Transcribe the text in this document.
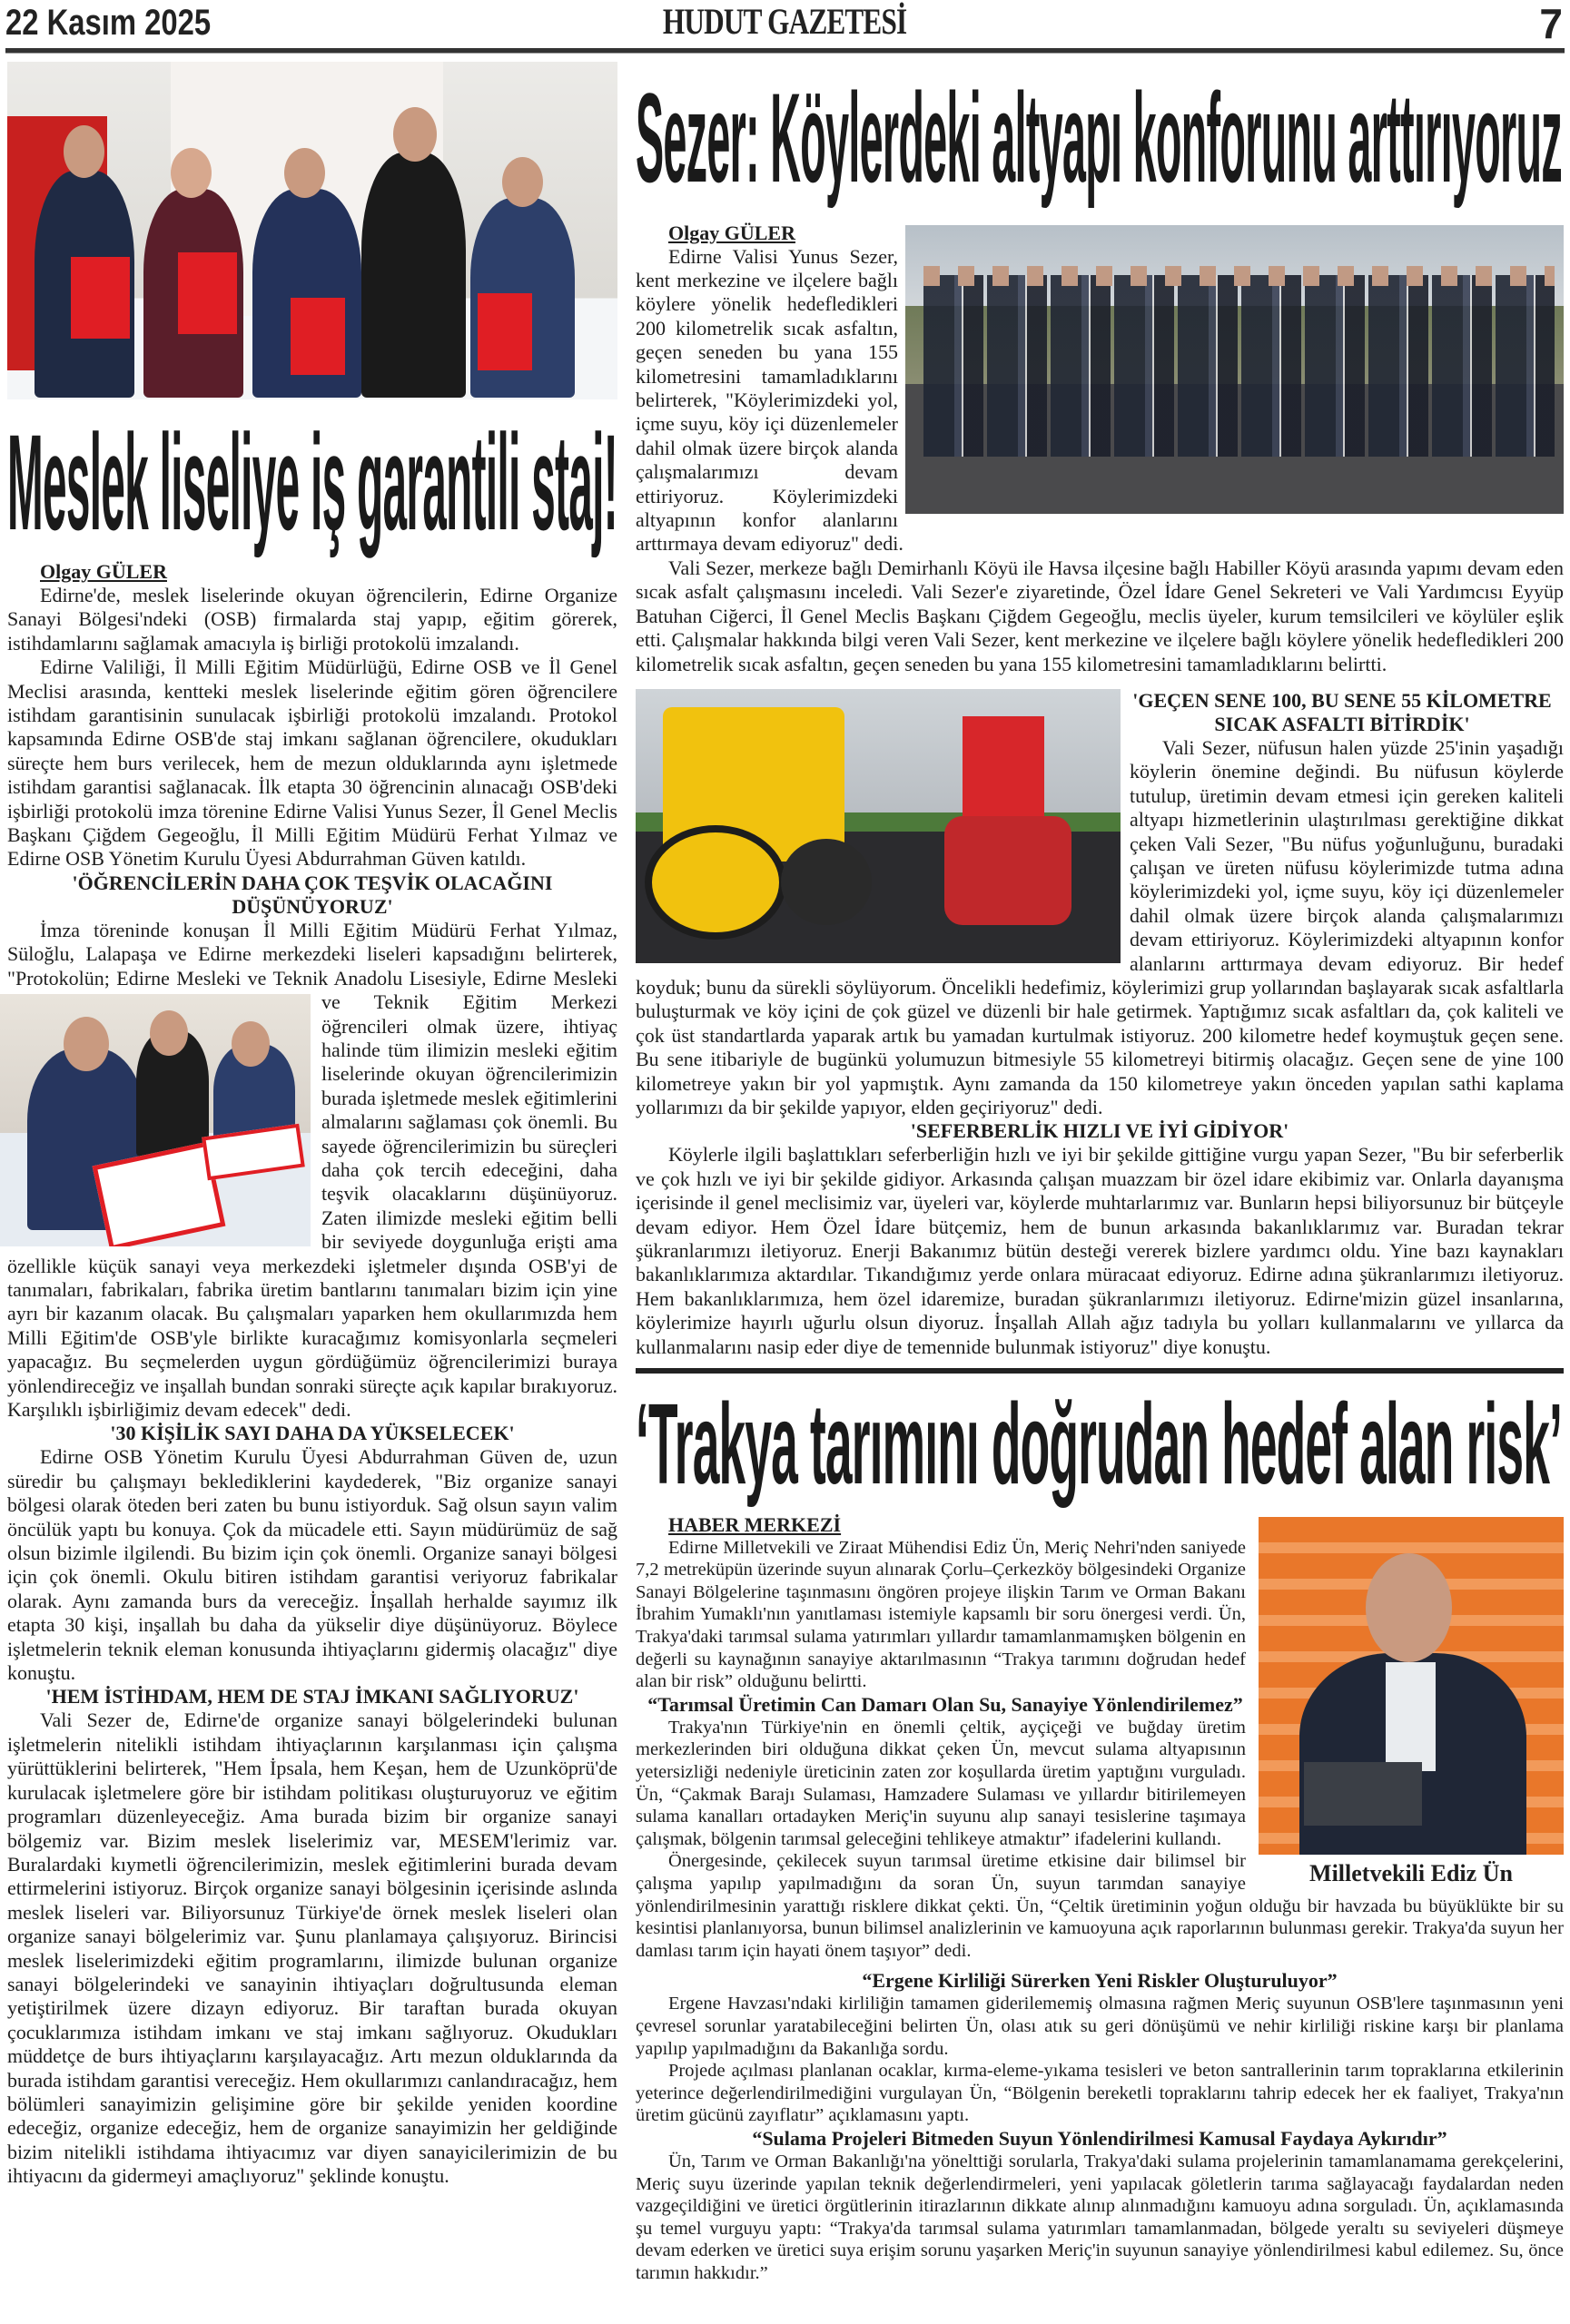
22 Kasım 2025	HUDUT GAZETESİ	7
Meslek liseliye iş garantili staj!
Olgay GÜLER

Edirne'de, meslek liselerinde okuyan öğrencilerin, Edirne Organize Sanayi Bölgesi'ndeki (OSB) firmalarda staj yapıp, eğitim görerek, istihdamlarını sağlamak amacıyla iş birliği protokolü imzalandı.

Edirne Valiliği, İl Milli Eğitim Müdürlüğü, Edirne OSB ve İl Genel Meclisi arasında, kentteki meslek liselerinde eğitim gören öğrencilere istihdam garantisinin sunulacak işbirliği protokolü imzalandı. Protokol kapsamında Edirne OSB'de staj imkanı sağlanan öğrencilere, okudukları süreçte hem burs verilecek, hem de mezun olduklarında aynı işletmede istihdam garantisi sağlanacak. İlk etapta 30 öğrencinin alınacağı OSB'deki işbirliği protokolü imza törenine Edirne Valisi Yunus Sezer, İl Genel Meclis Başkanı Çiğdem Gegeoğlu, İl Milli Eğitim Müdürü Ferhat Yılmaz ve Edirne OSB Yönetim Kurulu Üyesi Abdurrahman Güven katıldı.

'ÖĞRENCİLERİN DAHA ÇOK TEŞVİK OLACAĞINI DÜŞÜNÜYORUZ'

İmza töreninde konuşan İl Milli Eğitim Müdürü Ferhat Yılmaz, Süloğlu, Lalapaşa ve Edirne merkezdeki liseleri kapsadığını belirterek, "Protokolün; Edirne Mesleki ve Teknik Anadolu Lisesiyle, Edirne
Mesleki ve Teknik Eğitim Merkezi öğrencileri olmak üzere, ihtiyaç halinde tüm ilimizin mesleki eğitim liselerinde okuyan öğrencilerimizin burada işletmede meslek eğitimlerini almalarını sağlaması çok önemli. Bu sayede öğrencilerimizin bu süreçleri daha çok tercih edeceğini, daha teşvik olacaklarını düşünüyoruz. Zaten ilimizde mesleki eğitim belli bir seviyede doygunluğa erişti ama özellikle küçük sanayi veya merkezdeki işletmeler dışında OSB'yi de tanımaları, fabrikaları, fabrika üretim bantlarını tanımaları bizim için yine ayrı bir kazanım olacak. Bu çalışmaları yaparken hem okullarımızda hem Milli Eğitim'de OSB'yle birlikte kuracağımız komisyonlarla seçmeleri yapacağız. Bu seçmelerden uygun gördüğümüz öğrencilerimizi buraya yönlendireceğiz ve inşallah bundan sonraki süreçte açık kapılar bırakıyoruz. Karşılıklı işbirliğimiz devam edecek" dedi.

'30 KİŞİLİK SAYI DAHA DA YÜKSELECEK'

Edirne OSB Yönetim Kurulu Üyesi Abdurrahman Güven de, uzun süredir bu çalışmayı beklediklerini kaydederek, "Biz organize sanayi bölgesi olarak öteden beri zaten bu bunu istiyorduk. Sağ olsun sayın valim öncülük yaptı bu konuya. Çok da mücadele etti. Sayın müdürümüz de sağ olsun bizimle ilgilendi. Bu bizim için çok önemli. Organize sanayi bölgesi için çok önemli. Okulu bitiren istihdam garantisi veriyoruz fabrikalar olarak. Aynı zamanda burs da vereceğiz. İnşallah herhalde sayımız ilk etapta 30 kişi, inşallah bu daha da yükselir diye düşünüyoruz. Böylece işletmelerin teknik eleman konusunda ihtiyaçlarını gidermiş olacağız" diye konuştu.

'HEM İSTİHDAM, HEM DE STAJ İMKANI SAĞLIYORUZ'

Vali Sezer de, Edirne'de organize sanayi bölgelerindeki bulunan işletmelerin nitelikli istihdam ihtiyaçlarının karşılanması için çalışma yürüttüklerini belirterek, "Hem İpsala, hem Keşan, hem de Uzunköprü'de kurulacak işletmelere göre bir istihdam politikası oluşturuyoruz ve eğitim programları düzenleyeceğiz. Ama burada bizim bir organize sanayi bölgemiz var. Bizim meslek liselerimiz var, MESEM'lerimiz var. Buralardaki kıymetli öğrencilerimizin, meslek eğitimlerini burada devam ettirmelerini istiyoruz. Birçok organize sanayi bölgesinin içerisinde aslında meslek liseleri var. Biliyorsunuz Türkiye'de örnek meslek liseleri olan organize sanayi bölgelerimiz var. Şunu planlamaya çalışıyoruz. Birincisi meslek liselerimizdeki eğitim programlarını, ilimizde bulunan organize sanayi bölgelerindeki ve sanayinin ihtiyaçları doğrultusunda eleman yetiştirilmek üzere dizayn ediyoruz. Bir taraftan burada okuyan çocuklarımıza istihdam imkanı ve staj imkanı sağlıyoruz. Okudukları müddetçe de burs ihtiyaçlarını karşılayacağız. Artı mezun olduklarında da burada istihdam garantisi vereceğiz. Hem okullarımızı canlandıracağız, hem bölümleri sanayimizin gelişimine göre bir şekilde yeniden koordine edeceğiz, organize edeceğiz, hem de organize sanayimizin her geldiğinde bizim nitelikli istihdama ihtiyacımız var diyen sanayicilerimizin de bu ihtiyacını da gidermeyi amaçlıyoruz" şeklinde konuştu.

Sezer: Köylerdeki altyapı konforunu arttırıyoruz
Olgay GÜLER

Edirne Valisi Yunus Sezer, kent merkezine ve ilçelere bağlı köylere yönelik hedefledikleri 200 kilometrelik sıcak asfaltın, geçen seneden bu yana 155 kilometresini tamamladıklarını belirterek, "Köylerimizdeki yol, içme suyu, köy içi düzenlemeler dahil olmak üzere birçok alanda çalışmalarımızı devam ettiriyoruz. Köylerimizdeki altyapının konfor alanlarını arttırmaya devam ediyoruz" dedi.

Vali Sezer, merkeze bağlı Demirhanlı Köyü ile Havsa ilçesine bağlı Habiller Köyü arasında yapımı devam eden sıcak asfalt çalışmasını inceledi. Vali Sezer'e ziyaretinde, Özel İdare Genel Sekreteri ve Vali Yardımcısı Eyyüp Batuhan Ciğerci, İl Genel Meclis Başkanı Çiğdem Gegeoğlu, meclis üyeler, kurum temsilcileri ve köylüler eşlik etti. Çalışmalar hakkında bilgi veren Vali Sezer, kent merkezine ve ilçelere bağlı köylere yönelik hedefledikleri 200 kilometrelik sıcak asfaltın, geçen seneden bu yana 155 kilometresini tamamladıklarını belirtti.

'GEÇEN SENE 100, BU SENE 55 KİLOMETRE SICAK ASFALTI BİTİRDİK'

Vali Sezer, nüfusun halen yüzde 25'inin yaşadığı köylerin önemine değindi. Bu nüfusun köylerde tutulup, üretimin devam etmesi için gereken kaliteli altyapı hizmetlerinin ulaştırılması gerektiğine dikkat çeken Vali Sezer, "Bu nüfus yoğunluğunu, buradaki çalışan ve üreten nüfusu köylerimizde tutma adına köylerimizdeki yol, içme suyu, köy içi düzenlemeler dahil olmak üzere birçok alanda çalışmalarımızı devam ettiriyoruz. Köylerimizdeki altyapının konfor alanlarını arttırmaya devam ediyoruz. Bir hedef koyduk; bunu da sürekli söylüyorum. Öncelikli hedefimiz, köylerimizi grup yollarından başlayarak sıcak asfaltlarla buluşturmak ve köy içini de çok güzel ve düzenli bir hale getirmek. Yaptığımız sıcak asfaltları da, çok kaliteli ve çok üst standartlarda yaparak artık bu yamadan kurtulmak istiyoruz. 200 kilometre hedef koymuştuk geçen sene. Bu sene itibariyle de bugünkü yolumuzun bitmesiyle 55 kilometreyi bitirmiş olacağız. Geçen sene de yine 100 kilometreye yakın bir yol yapmıştık. Aynı zamanda da 150 kilometreye yakın önceden yapılan sathi kaplama yollarımızı da bir şekilde yapıyor, elden geçiriyoruz" dedi.

'SEFERBERLİK HIZLI VE İYİ GİDİYOR'

Köylerle ilgili başlattıkları seferberliğin hızlı ve iyi bir şekilde gittiğine vurgu yapan Sezer, "Bu bir seferberlik ve çok hızlı ve iyi bir şekilde gidiyor. Arkasında çalışan muazzam bir özel idare ekibimiz var. Onlarla dayanışma içerisinde il genel meclisimiz var, üyeleri var, köylerde muhtarlarımız var. Bunların hepsi biliyorsunuz bir bütçeyle devam ediyor. Hem Özel İdare bütçemiz, hem de bunun arkasında bakanlıklarımız var. Buradan tekrar şükranlarımızı iletiyoruz. Enerji Bakanımız bütün desteği vererek bizlere yardımcı oldu. Yine bazı kaynakları bakanlıklarımıza aktardılar. Tıkandığımız yerde onlara müracaat ediyoruz. Edirne adına şükranlarımızı iletiyoruz. Hem bakanlıklarımıza, hem özel idaremize, buradan şükranlarımızı iletiyoruz. Edirne'mizin güzel insanlarına, köylerimize hayırlı uğurlu olsun diyoruz. İnşallah Allah ağız tadıyla bu yolları kullanmalarını ve yıllarca da kullanmalarını nasip eder diye de temennide bulunmak istiyoruz" diye konuştu.

‘Trakya tarımını doğrudan hedef alan risk’
Milletvekili Ediz Ün
HABER MERKEZİ

Edirne Milletvekili ve Ziraat Mühendisi Ediz Ün, Meriç Nehri'nden saniyede 7,2 metreküpün üzerinde suyun alınarak Çorlu–Çerkezköy bölgesindeki Organize Sanayi Bölgelerine taşınmasını öngören projeye ilişkin Tarım ve Orman Bakanı İbrahim Yumaklı'nın yanıtlaması istemiyle kapsamlı bir soru önergesi verdi. Ün, Trakya'daki tarımsal sulama yatırımları yıllardır tamamlanmamışken bölgenin en değerli su kaynağının sanayiye aktarılmasının “Trakya tarımını doğrudan hedef alan bir risk” olduğunu belirtti.

“Tarımsal Üretimin Can Damarı Olan Su, Sanayiye Yönlendirilemez”

Trakya'nın Türkiye'nin en önemli çeltik, ayçiçeği ve buğday üretim merkezlerinden biri olduğuna dikkat çeken Ün, mevcut sulama altyapısının yetersizliği nedeniyle üreticinin zaten zor koşullarda üretim yaptığını vurguladı. Ün, “Çakmak Barajı Sulaması, Hamzadere Sulaması ve yıllardır bitirilemeyen sulama kanalları ortadayken Meriç'in suyunu alıp sanayi tesislerine taşımaya çalışmak, bölgenin tarımsal geleceğini tehlikeye atmaktır” ifadelerini kullandı.

Önergesinde, çekilecek suyun tarımsal üretime etkisine dair bilimsel bir çalışma yapılıp yapılmadığını da soran Ün, suyun tarımdan sanayiye yönlendirilmesinin yarattığı risklere dikkat çekti. Ün, “Çeltik üretiminin yoğun olduğu bir havzada bu büyüklükte bir su kesintisi planlanıyorsa, bunun bilimsel analizlerinin ve kamuoyuna açık raporlarının bulunması gerekir. Trakya'da suyun her damlası tarım için hayati önem taşıyor” dedi.

“Ergene Kirliliği Sürerken Yeni Riskler Oluşturuluyor”

Ergene Havzası'ndaki kirliliğin tamamen giderilememiş olmasına rağmen Meriç suyunun OSB'lere taşınmasının yeni çevresel sorunlar yaratabileceğini belirten Ün, olası atık su geri dönüşümü ve nehir kirliliği riskine karşı bir planlama yapılıp yapılmadığını da Bakanlığa sordu.

Projede açılması planlanan ocaklar, kırma-eleme-yıkama tesisleri ve beton santrallerinin tarım topraklarına etkilerinin yeterince değerlendirilmediğini vurgulayan Ün, “Bölgenin bereketli topraklarını tahrip edecek her ek faaliyet, Trakya'nın üretim gücünü zayıflatır” açıklamasını yaptı.

“Sulama Projeleri Bitmeden Suyun Yönlendirilmesi Kamusal Faydaya Aykırıdır”

Ün, Tarım ve Orman Bakanlığı'na yönelttiği sorularla, Trakya'daki sulama projelerinin tamamlanamama gerekçelerini, Meriç suyu üzerinde yapılan teknik değerlendirmeleri, yeni yapılacak göletlerin tarıma sağlayacağı faydalardan neden vazgeçildiğini ve üretici örgütlerinin itirazlarının dikkate alınıp alınmadığını kamuoyu adına sorguladı. Ün, açıklamasında şu temel vurguyu yaptı: “Trakya'da tarımsal sulama yatırımları tamamlanmadan, bölgede yeraltı su seviyeleri düşmeye devam ederken ve üretici suya erişim sorunu yaşarken Meriç'in suyunun sanayiye yönlendirilmesi kabul edilemez. Su, önce tarımın hakkıdır.”
